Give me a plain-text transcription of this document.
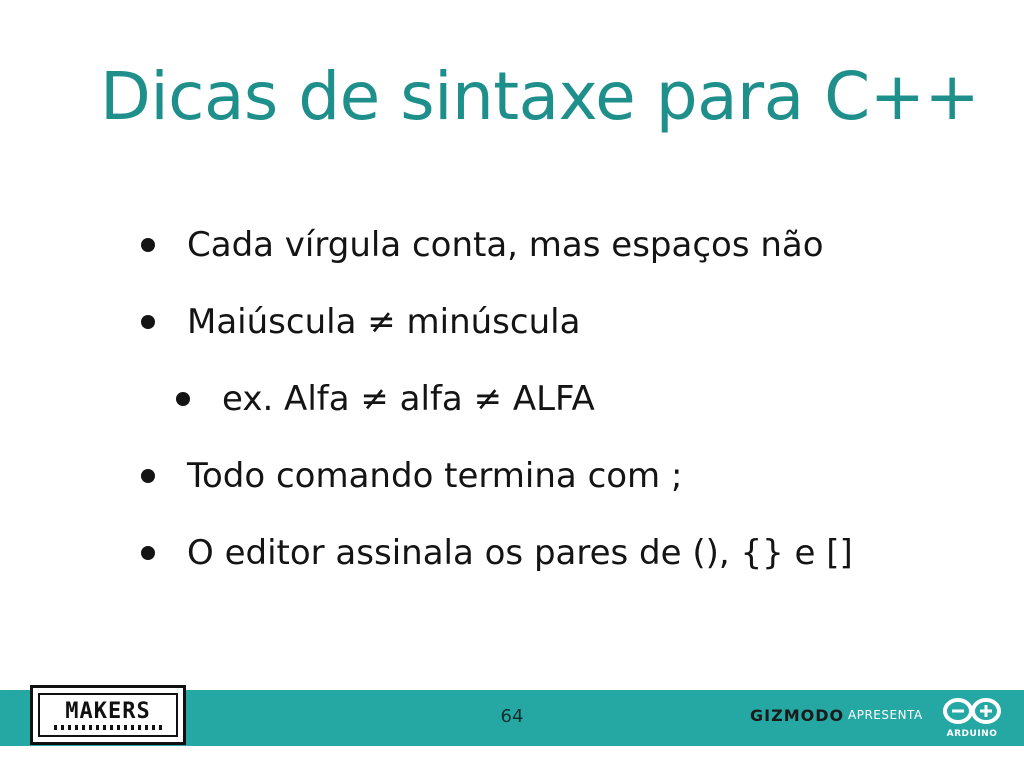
Dicas de sintaxe para C++
Cada vírgula conta, mas espaços não
Maiúscula ≠ minúscula
ex. Alfa ≠ alfa ≠ ALFA
Todo comando termina com ;
O editor assinala os pares de (), {} e []
MAKERS	64	GIZMODO APRESENTA
ARDUINO
